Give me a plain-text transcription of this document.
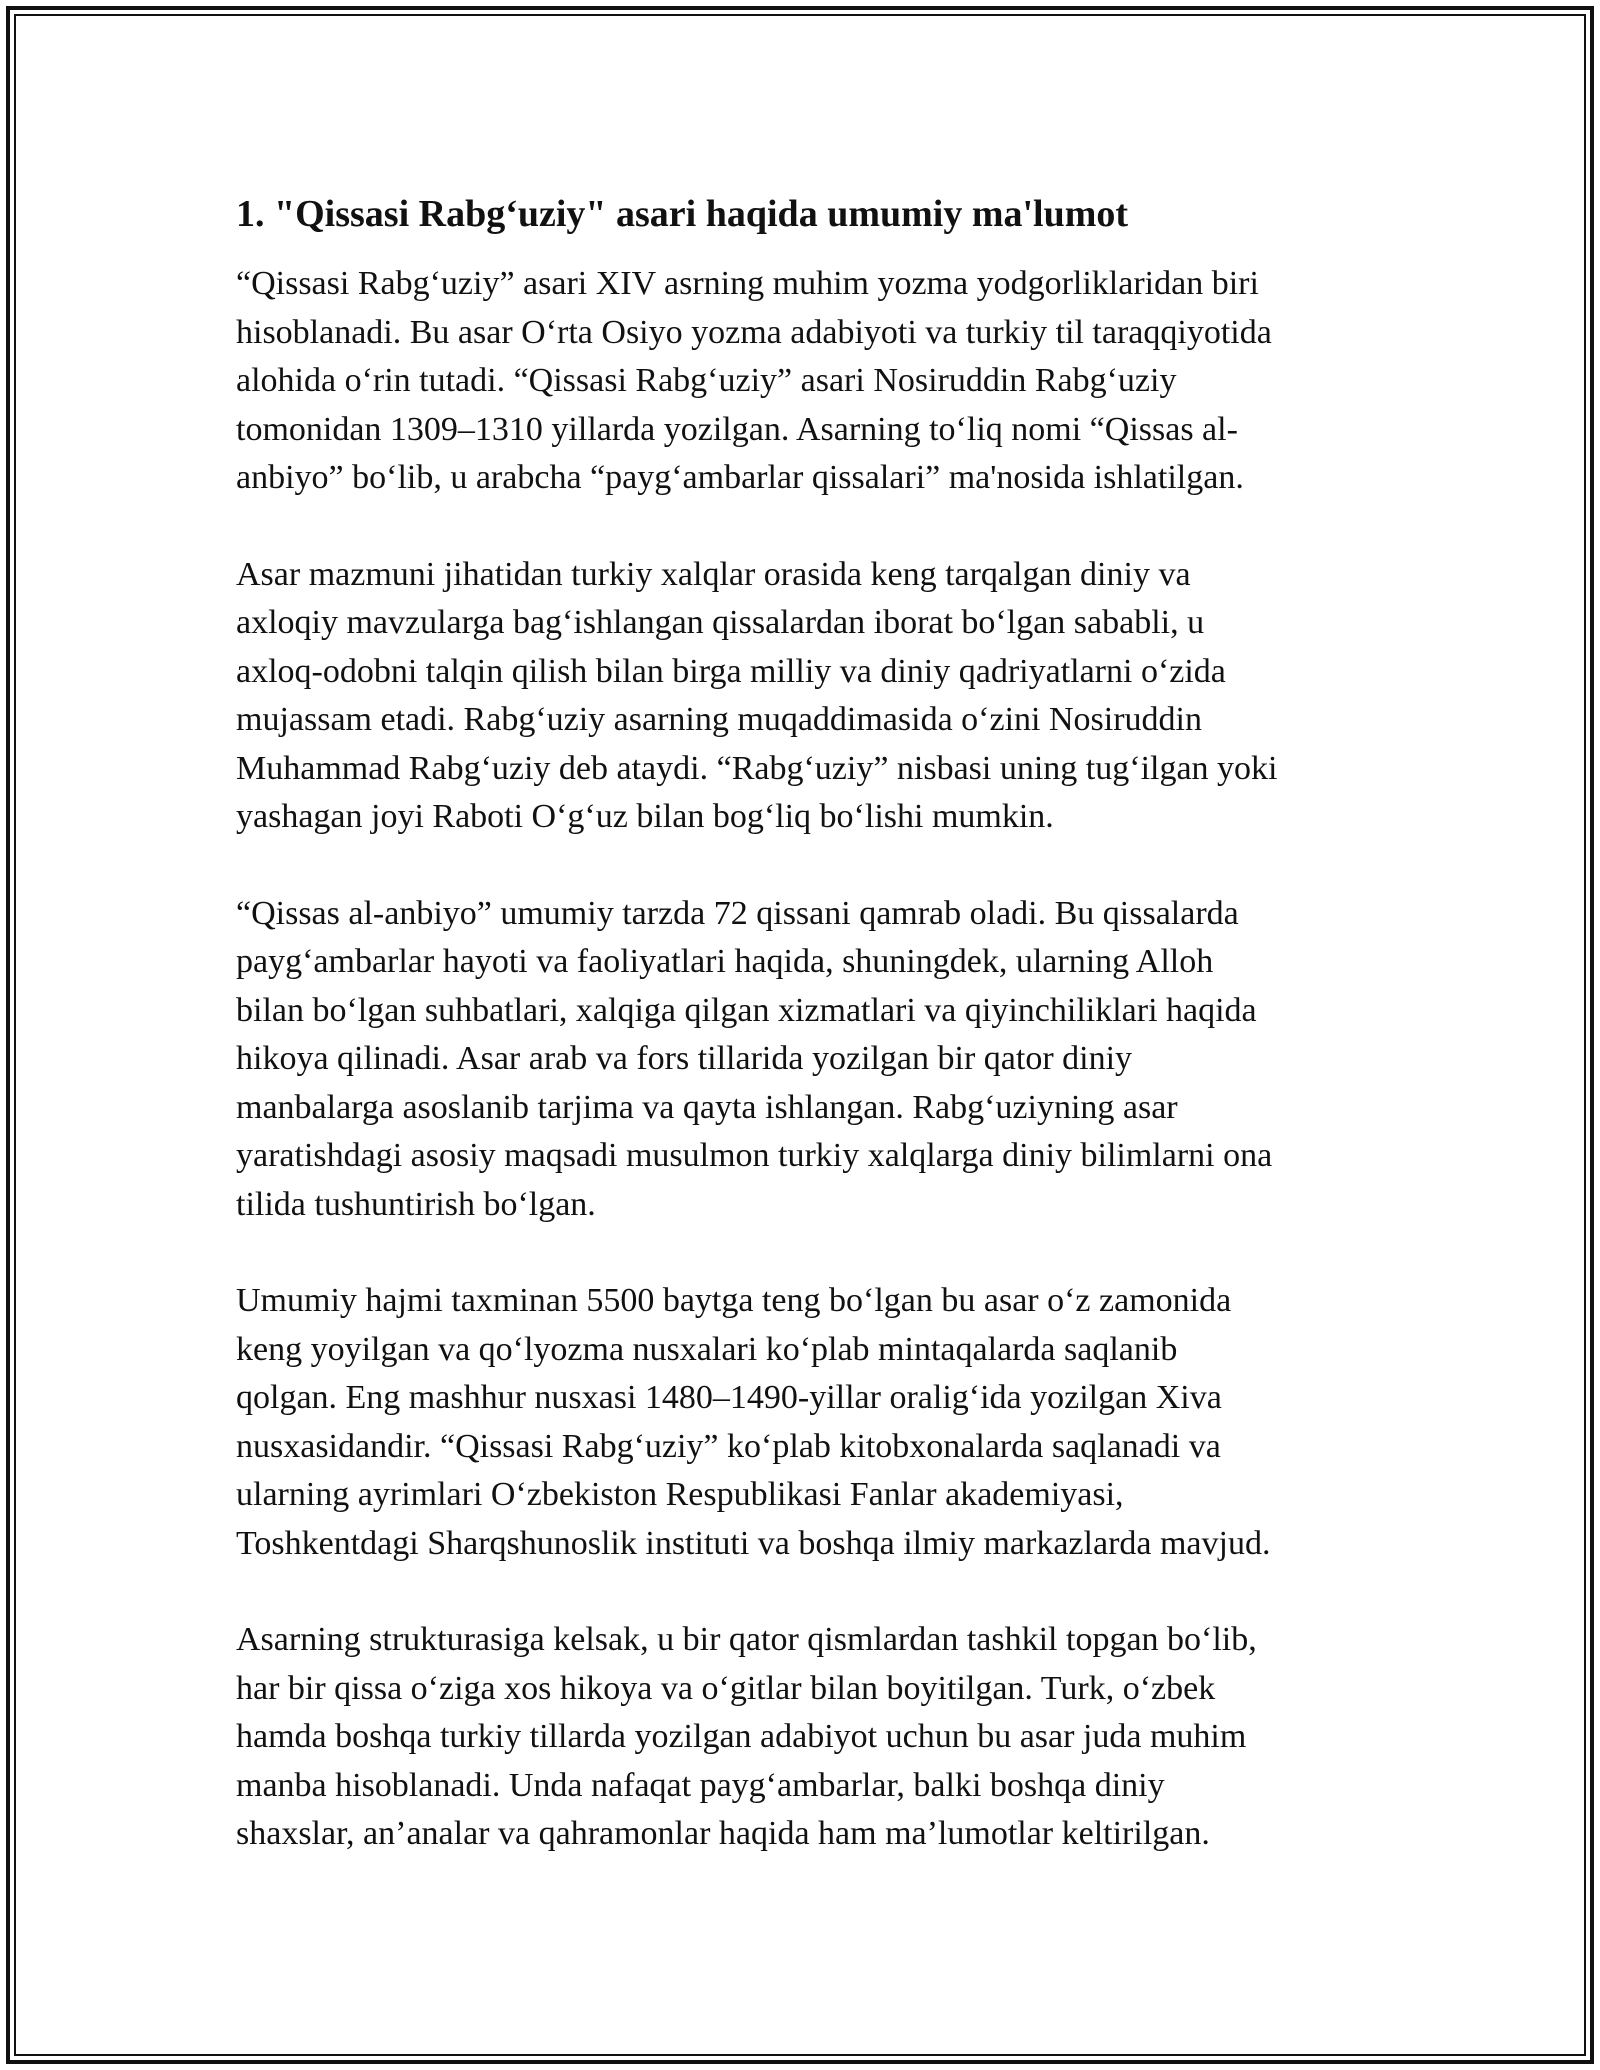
1. "Qissasi Rabg‘uziy" asari haqida umumiy ma'lumot
“Qissasi Rabg‘uziy” asari XIV asrning muhim yozma yodgorliklaridan biri
hisoblanadi. Bu asar O‘rta Osiyo yozma adabiyoti va turkiy til taraqqiyotida
alohida o‘rin tutadi. “Qissasi Rabg‘uziy” asari Nosiruddin Rabg‘uziy
tomonidan 1309–1310 yillarda yozilgan. Asarning to‘liq nomi “Qissas al-
anbiyo” bo‘lib, u arabcha “payg‘ambarlar qissalari” ma'nosida ishlatilgan.
Asar mazmuni jihatidan turkiy xalqlar orasida keng tarqalgan diniy va
axloqiy mavzularga bag‘ishlangan qissalardan iborat bo‘lgan sababli, u
axloq-odobni talqin qilish bilan birga milliy va diniy qadriyatlarni o‘zida
mujassam etadi. Rabg‘uziy asarning muqaddimasida o‘zini Nosiruddin
Muhammad Rabg‘uziy deb ataydi. “Rabg‘uziy” nisbasi uning tug‘ilgan yoki
yashagan joyi Raboti O‘g‘uz bilan bog‘liq bo‘lishi mumkin.
“Qissas al-anbiyo” umumiy tarzda 72 qissani qamrab oladi. Bu qissalarda
payg‘ambarlar hayoti va faoliyatlari haqida, shuningdek, ularning Alloh
bilan bo‘lgan suhbatlari, xalqiga qilgan xizmatlari va qiyinchiliklari haqida
hikoya qilinadi. Asar arab va fors tillarida yozilgan bir qator diniy
manbalarga asoslanib tarjima va qayta ishlangan. Rabg‘uziyning asar
yaratishdagi asosiy maqsadi musulmon turkiy xalqlarga diniy bilimlarni ona
tilida tushuntirish bo‘lgan.
Umumiy hajmi taxminan 5500 baytga teng bo‘lgan bu asar o‘z zamonida
keng yoyilgan va qo‘lyozma nusxalari ko‘plab mintaqalarda saqlanib
qolgan. Eng mashhur nusxasi 1480–1490-yillar oralig‘ida yozilgan Xiva
nusxasidandir. “Qissasi Rabg‘uziy” ko‘plab kitobxonalarda saqlanadi va
ularning ayrimlari O‘zbekiston Respublikasi Fanlar akademiyasi,
Toshkentdagi Sharqshunoslik instituti va boshqa ilmiy markazlarda mavjud.
Asarning strukturasiga kelsak, u bir qator qismlardan tashkil topgan bo‘lib,
har bir qissa o‘ziga xos hikoya va o‘gitlar bilan boyitilgan. Turk, o‘zbek
hamda boshqa turkiy tillarda yozilgan adabiyot uchun bu asar juda muhim
manba hisoblanadi. Unda nafaqat payg‘ambarlar, balki boshqa diniy
shaxslar, an’analar va qahramonlar haqida ham ma’lumotlar keltirilgan.
